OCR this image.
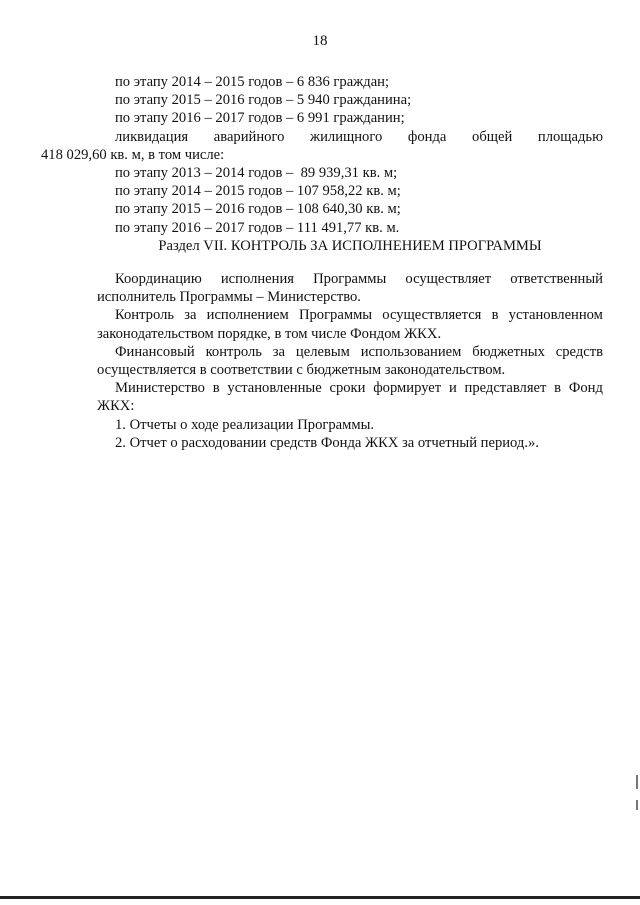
18
по этапу 2014 – 2015 годов – 6 836 граждан;
по этапу 2015 – 2016 годов – 5 940 гражданина;
по этапу 2016 – 2017 годов – 6 991 гражданин;
ликвидация аварийного жилищного фонда общей площадью
418 029,60 кв. м, в том числе:
по этапу 2013 – 2014 годов –  89 939,31 кв. м;
по этапу 2014 – 2015 годов – 107 958,22 кв. м;
по этапу 2015 – 2016 годов – 108 640,30 кв. м;
по этапу 2016 – 2017 годов – 111 491,77 кв. м.
Раздел VII. КОНТРОЛЬ ЗА ИСПОЛНЕНИЕМ ПРОГРАММЫ
Координацию исполнения Программы осуществляет ответственный
исполнитель Программы – Министерство.
Контроль за исполнением Программы осуществляется в установленном
законодательством порядке, в том числе Фондом ЖКХ.
Финансовый контроль за целевым использованием бюджетных средств
осуществляется в соответствии с бюджетным законодательством.
Министерство в установленные сроки формирует и представляет в Фонд
ЖКХ:
1. Отчеты о ходе реализации Программы.
2. Отчет о расходовании средств Фонда ЖКХ за отчетный период.».
